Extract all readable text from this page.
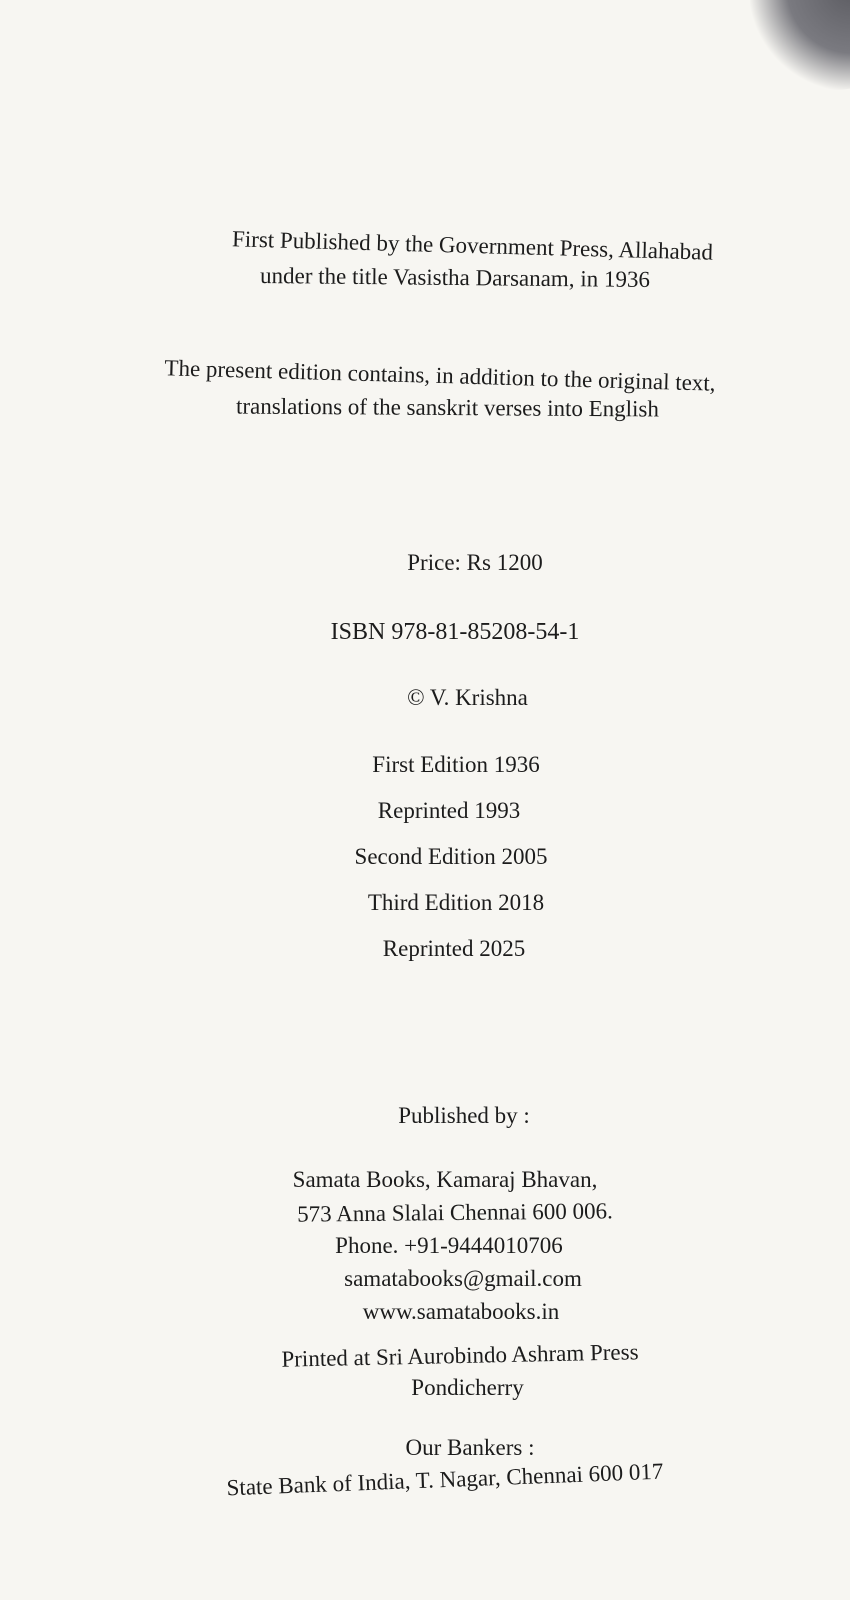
First Published by the Government Press, Allahabad
under the title Vasistha Darsanam, in 1936
The present edition contains, in addition to the original text,
translations of the sanskrit verses into English
Price: Rs 1200
ISBN 978-81-85208-54-1
© V. Krishna
First Edition 1936
Reprinted 1993
Second Edition 2005
Third Edition 2018
Reprinted 2025
Published by :
Samata Books, Kamaraj Bhavan,
573 Anna Slalai Chennai 600 006.
Phone. +91-9444010706
samatabooks@gmail.com
www.samatabooks.in
Printed at Sri Aurobindo Ashram Press
Pondicherry
Our Bankers :
State Bank of India, T. Nagar, Chennai 600 017
